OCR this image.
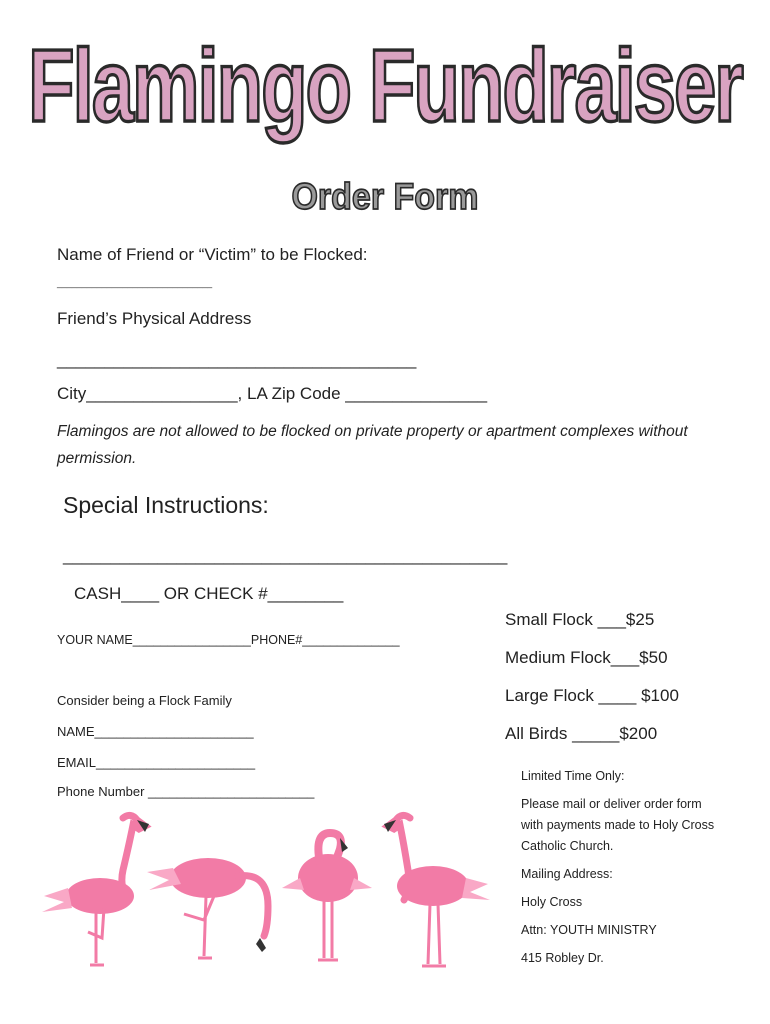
Flamingo Fundraiser
Order Form
Name of Friend or “Victim” to be Flocked:
_______________________________
Friend’s Physical Address
______________________________________
City________________, LA Zip Code _______________
Flamingos are not allowed to be flocked on private property or apartment complexes without permission.
Special Instructions:
_______________________________________________
CASH____ OR CHECK #________
YOUR NAME_________________PHONE#______________
Consider being a Flock Family
NAME______________________
EMAIL______________________
Phone Number _______________________
Small Flock ___$25
Medium Flock___$50
Large Flock ____ $100
All Birds _____$200
Limited Time Only:
Please mail or deliver order form
with payments made to Holy Cross
Catholic Church.
Mailing Address:
Holy Cross
Attn: YOUTH MINISTRY
415 Robley Dr.
